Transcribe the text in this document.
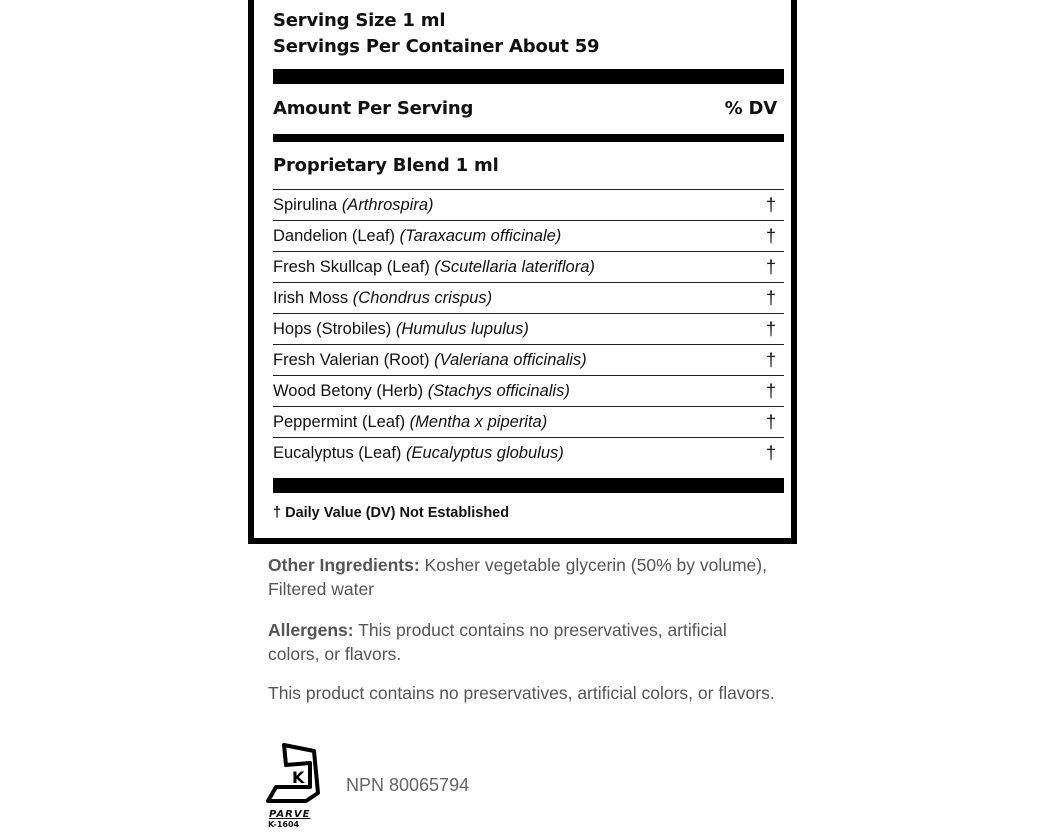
Serving Size 1 ml
Servings Per Container About 59
Amount Per Serving	% DV
Proprietary Blend 1 ml
Spirulina (Arthrospira)	†
Dandelion (Leaf) (Taraxacum officinale)	†
Fresh Skullcap (Leaf) (Scutellaria lateriflora)	†
Irish Moss (Chondrus crispus)	†
Hops (Strobiles) (Humulus lupulus)	†
Fresh Valerian (Root) (Valeriana officinalis)	†
Wood Betony (Herb) (Stachys officinalis)	†
Peppermint (Leaf) (Mentha x piperita)	†
Eucalyptus (Leaf) (Eucalyptus globulus)	†
† Daily Value (DV) Not Established
Other Ingredients: Kosher vegetable glycerin (50% by volume), Filtered water
Allergens: This product contains no preservatives, artificial colors, or flavors.
This product contains no preservatives, artificial colors, or flavors.
K
PARVE
K-1604
NPN 80065794
